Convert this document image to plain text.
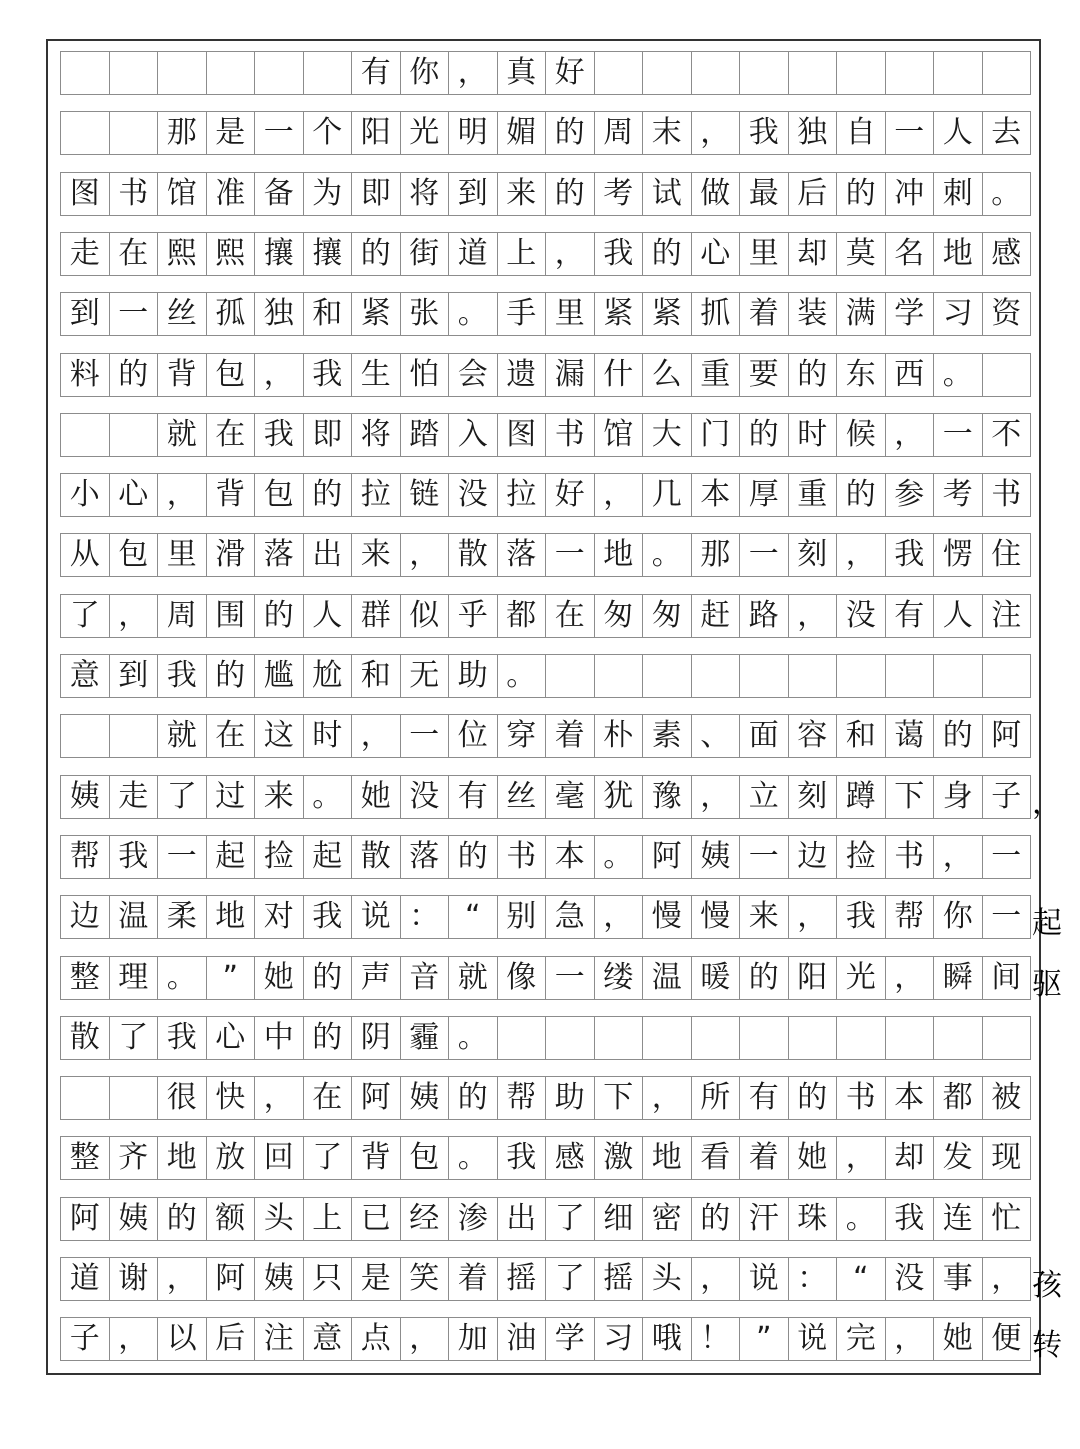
有 你 ， 真 好
那 是 一 个 阳 光 明 媚 的 周 末 ， 我 独 自 一 人 去
图 书 馆 准 备 为 即 将 到 来 的 考 试 做 最 后 的 冲 刺 。
走 在 熙 熙 攘 攘 的 街 道 上 ， 我 的 心 里 却 莫 名 地 感
到 一 丝 孤 独 和 紧 张 。 手 里 紧 紧 抓 着 装 满 学 习 资
料 的 背 包 ， 我 生 怕 会 遗 漏 什 么 重 要 的 东 西 。
就 在 我 即 将 踏 入 图 书 馆 大 门 的 时 候 ， 一 不
小 心 ， 背 包 的 拉 链 没 拉 好 ， 几 本 厚 重 的 参 考 书
从 包 里 滑 落 出 来 ， 散 落 一 地 。 那 一 刻 ， 我 愣 住
了 ， 周 围 的 人 群 似 乎 都 在 匆 匆 赶 路 ， 没 有 人 注
意 到 我 的 尴 尬 和 无 助 。
就 在 这 时 ， 一 位 穿 着 朴 素 、 面 容 和 蔼 的 阿
姨 走 了 过 来 。 她 没 有 丝 毫 犹 豫 ， 立 刻 蹲 下 身 子 ，
帮 我 一 起 捡 起 散 落 的 书 本 。 阿 姨 一 边 捡 书 ， 一
边 温 柔 地 对 我 说 ： “ 别 急 ， 慢 慢 来 ， 我 帮 你 一 起
整 理 。 ” 她 的 声 音 就 像 一 缕 温 暖 的 阳 光 ， 瞬 间 驱
散 了 我 心 中 的 阴 霾 。
很 快 ， 在 阿 姨 的 帮 助 下 ， 所 有 的 书 本 都 被
整 齐 地 放 回 了 背 包 。 我 感 激 地 看 着 她 ， 却 发 现
阿 姨 的 额 头 上 已 经 渗 出 了 细 密 的 汗 珠 。 我 连 忙
道 谢 ， 阿 姨 只 是 笑 着 摇 了 摇 头 ， 说 ： “ 没 事 ， 孩
子 ， 以 后 注 意 点 ， 加 油 学 习 哦 ！ ” 说 完 ， 她 便 转
